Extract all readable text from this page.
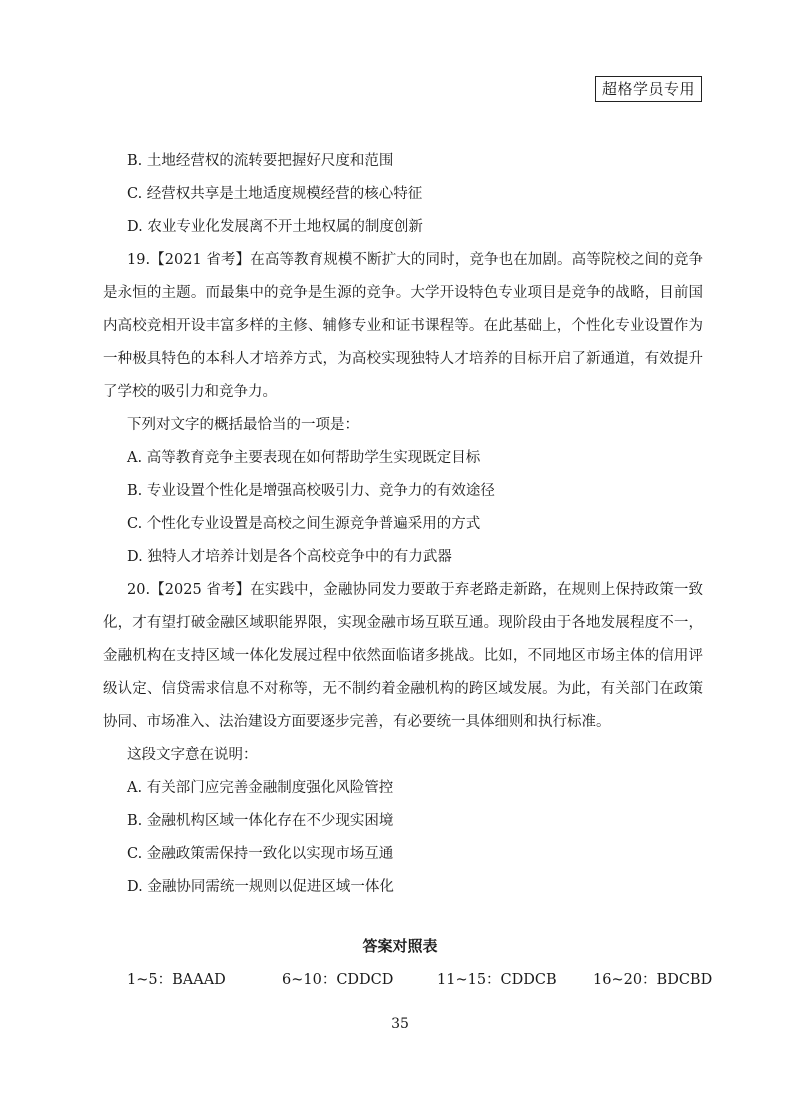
超格学员专用

B. 土地经营权的流转要把握好尺度和范围

C. 经营权共享是土地适度规模经营的核心特征

D. 农业专业化发展离不开土地权属的制度创新

19.【2021 省考】在高等教育规模不断扩大的同时，竞争也在加剧。高等院校之间的竞争是永恒的主题。而最集中的竞争是生源的竞争。大学开设特色专业项目是竞争的战略，目前国内高校竞相开设丰富多样的主修、辅修专业和证书课程等。在此基础上，个性化专业设置作为一种极具特色的本科人才培养方式，为高校实现独特人才培养的目标开启了新通道，有效提升了学校的吸引力和竞争力。

下列对文字的概括最恰当的一项是：

A. 高等教育竞争主要表现在如何帮助学生实现既定目标

B. 专业设置个性化是增强高校吸引力、竞争力的有效途径

C. 个性化专业设置是高校之间生源竞争普遍采用的方式

D. 独特人才培养计划是各个高校竞争中的有力武器

20.【2025 省考】在实践中，金融协同发力要敢于弃老路走新路，在规则上保持政策一致化，才有望打破金融区域职能界限，实现金融市场互联互通。现阶段由于各地发展程度不一，金融机构在支持区域一体化发展过程中依然面临诸多挑战。比如，不同地区市场主体的信用评级认定、信贷需求信息不对称等，无不制约着金融机构的跨区域发展。为此，有关部门在政策协同、市场准入、法治建设方面要逐步完善，有必要统一具体细则和执行标准。

这段文字意在说明：

A. 有关部门应完善金融制度强化风险管控

B. 金融机构区域一体化存在不少现实困境

C. 金融政策需保持一致化以实现市场互通

D. 金融协同需统一规则以促进区域一体化

答案对照表
1~5：BAAAD	6~10：CDDCD	11~15：CDDCB	16~20：BDCBD
35
